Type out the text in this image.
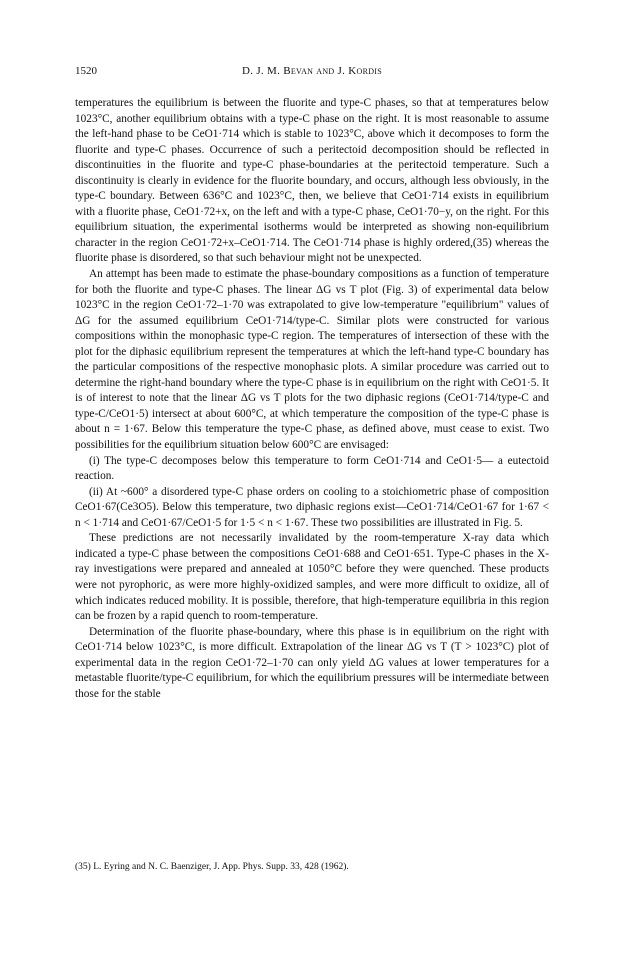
1520	D. J. M. Bevan and J. Kordis

temperatures the equilibrium is between the fluorite and type-C phases, so that at temperatures below 1023°C, another equilibrium obtains with a type-C phase on the right. It is most reasonable to assume the left-hand phase to be CeO1·714 which is stable to 1023°C, above which it decomposes to form the fluorite and type-C phases. Occurrence of such a peritectoid decomposition should be reflected in discontinuities in the fluorite and type-C phase-boundaries at the peritectoid temperature. Such a discontinuity is clearly in evidence for the fluorite boundary, and occurs, although less obviously, in the type-C boundary. Between 636°C and 1023°C, then, we believe that CeO1·714 exists in equilibrium with a fluorite phase, CeO1·72+x, on the left and with a type-C phase, CeO1·70−y, on the right. For this equilibrium situation, the experimental isotherms would be interpreted as showing non-equilibrium character in the region CeO1·72+x–CeO1·714. The CeO1·714 phase is highly ordered,(35) whereas the fluorite phase is disordered, so that such behaviour might not be unexpected.

An attempt has been made to estimate the phase-boundary compositions as a function of temperature for both the fluorite and type-C phases. The linear ΔG vs T plot (Fig. 3) of experimental data below 1023°C in the region CeO1·72–1·70 was extrapolated to give low-temperature "equilibrium" values of ΔG for the assumed equilibrium CeO1·714/type-C. Similar plots were constructed for various compositions within the monophasic type-C region. The temperatures of intersection of these with the plot for the diphasic equilibrium represent the temperatures at which the left-hand type-C boundary has the particular compositions of the respective monophasic plots. A similar procedure was carried out to determine the right-hand boundary where the type-C phase is in equilibrium on the right with CeO1·5. It is of interest to note that the linear ΔG vs T plots for the two diphasic regions (CeO1·714/type-C and type-C/CeO1·5) intersect at about 600°C, at which temperature the composition of the type-C phase is about n = 1·67. Below this temperature the type-C phase, as defined above, must cease to exist. Two possibilities for the equilibrium situation below 600°C are envisaged:

(i) The type-C decomposes below this temperature to form CeO1·714 and CeO1·5— a eutectoid reaction.

(ii) At ~600° a disordered type-C phase orders on cooling to a stoichiometric phase of composition CeO1·67(Ce3O5). Below this temperature, two diphasic regions exist—CeO1·714/CeO1·67 for 1·67 < n < 1·714 and CeO1·67/CeO1·5 for 1·5 < n < 1·67. These two possibilities are illustrated in Fig. 5.

These predictions are not necessarily invalidated by the room-temperature X-ray data which indicated a type-C phase between the compositions CeO1·688 and CeO1·651. Type-C phases in the X-ray investigations were prepared and annealed at 1050°C before they were quenched. These products were not pyrophoric, as were more highly-oxidized samples, and were more difficult to oxidize, all of which indicates reduced mobility. It is possible, therefore, that high-temperature equilibria in this region can be frozen by a rapid quench to room-temperature.

Determination of the fluorite phase-boundary, where this phase is in equilibrium on the right with CeO1·714 below 1023°C, is more difficult. Extrapolation of the linear ΔG vs T (T > 1023°C) plot of experimental data in the region CeO1·72–1·70 can only yield ΔG values at lower temperatures for a metastable fluorite/type-C equilibrium, for which the equilibrium pressures will be intermediate between those for the stable

(35) L. Eyring and N. C. Baenziger, J. App. Phys. Supp. 33, 428 (1962).
